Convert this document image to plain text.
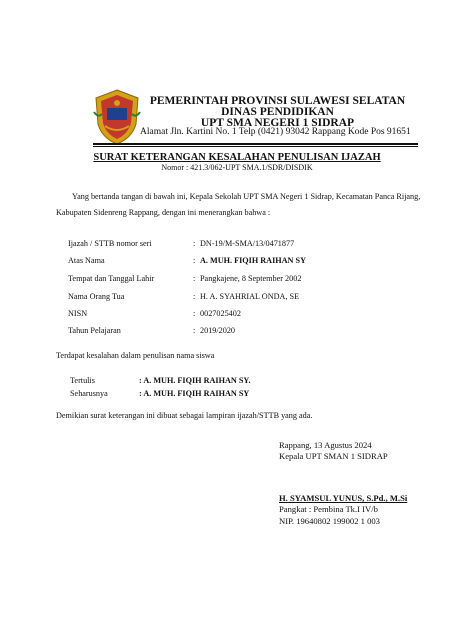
PEMERINTAH PROVINSI SULAWESI SELATAN
DINAS PENDIDIKAN
UPT SMA NEGERI 1 SIDRAP
Alamat Jln. Kartini No. 1 Telp (0421) 93042 Rappang Kode Pos 91651
SURAT KETERANGAN KESALAHAN PENULISAN IJAZAH
Nomor : 421.3/062-UPT SMA.1/SDR/DISDIK
Yang bertanda tangan di bawah ini, Kepala Sekolah UPT SMA Negeri 1 Sidrap, Kecamatan Panca Rijang,
Kabupaten Sidenreng Rappang, dengan ini menerangkan bahwa :
Ijazah / STTB nomor seri	: DN-19/M-SMA/13/0471877
Atas Nama	: A. MUH. FIQIH RAIHAN SY
Tempat dan Tanggal Lahir	: Pangkajene, 8 September 2002
Nama Orang Tua	: H. A. SYAHRIAL ONDA, SE
NISN	: 0027025402
Tahun Pelajaran	: 2019/2020
Terdapat kesalahan dalam penulisan nama siswa
Tertulis	: A. MUH. FIQIH RAIHAN SY.
Seharusnya	: A. MUH. FIQIH RAIHAN SY
Demikian surat keterangan ini dibuat sebagai lampiran ijazah/STTB yang ada.
Rappang, 13 Agustus 2024
Kepala UPT SMAN 1 SIDRAP
H. SYAMSUL YUNUS, S.Pd., M.Si
Pangkat : Pembina Tk.I IV/b
NIP. 19640802 199002 1 003
